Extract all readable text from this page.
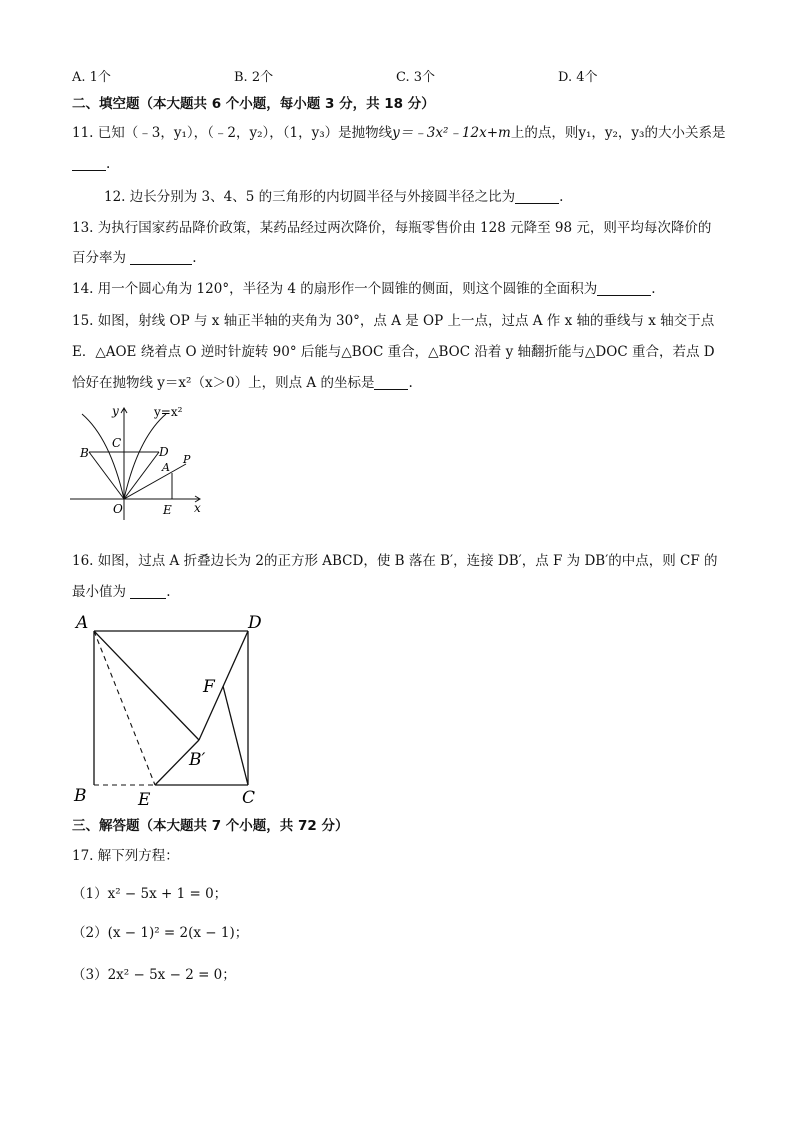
A. 1个	B. 2个	C. 3个	D. 4个
二、填空题（本大题共 6 个小题，每小题 3 分，共 18 分）
11. 已知（﹣3，y₁），（﹣2，y₂），（1，y₃）是抛物线y＝﹣3x²﹣12x+m上的点，则y₁，y₂，y₃的大小关系是
.
12. 边长分别为 3、4、5 的三角形的内切圆半径与外接圆半径之比为	.
13. 为执行国家药品降价政策，某药品经过两次降价，每瓶零售价由 128 元降至 98 元，则平均每次降价的
百分率为	.
14. 用一个圆心角为 120°，半径为 4 的扇形作一个圆锥的侧面，则这个圆锥的全面积为	.
15. 如图，射线 OP 与 x 轴正半轴的夹角为 30°，点 A 是 OP 上一点，过点 A 作 x 轴的垂线与 x 轴交于点
E．△AOE 绕着点 O 逆时针旋转 90° 后能与△BOC 重合，△BOC 沿着 y 轴翻折能与△DOC 重合，若点 D
恰好在抛物线 y＝x²（x＞0）上，则点 A 的坐标是	.
y=x²
y
x
O
B
C
D
A
P
E
16. 如图，过点 A 折叠边长为 2的正方形 ABCD，使 B 落在 B′，连接 DB′，点 F 为 DB′的中点，则 CF 的
最小值为	.
A	D
B	E	C
F
B′
三、解答题（本大题共 7 个小题，共 72 分）
17. 解下列方程：
（1）x² − 5x + 1 = 0；
（2）(x − 1)² = 2(x − 1)；
（3）2x² − 5x − 2 = 0；
